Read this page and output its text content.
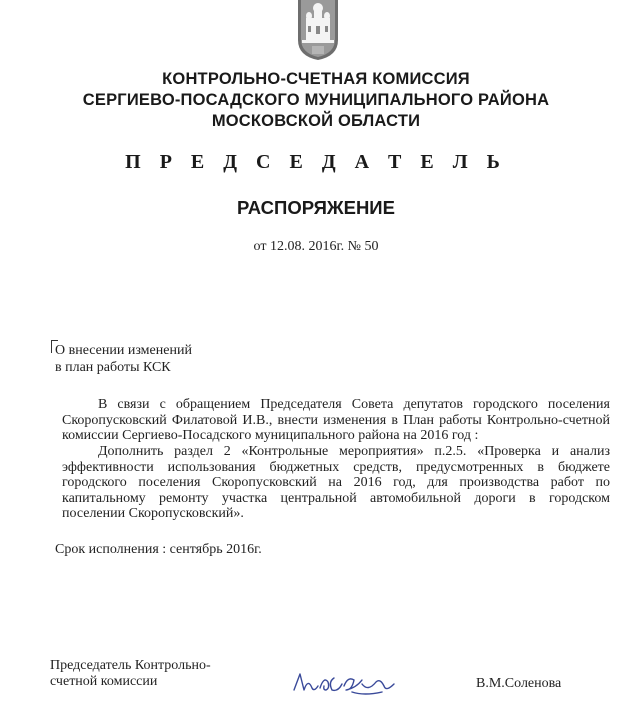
КОНТРОЛЬНО-СЧЕТНАЯ КОМИССИЯ
СЕРГИЕВО-ПОСАДСКОГО МУНИЦИПАЛЬНОГО РАЙОНА
МОСКОВСКОЙ ОБЛАСТИ
П Р Е Д С Е Д А Т Е Л Ь
РАСПОРЯЖЕНИЕ
от 12.08. 2016г. № 50
О внесении изменений
в план работы КСК
В связи с обращением Председателя Совета депутатов городского поселения
Скоропусковский Филатовой И.В., внести изменения в План работы Контрольно-счетной
комиссии Сергиево-Посадского муниципального района на 2016 год :
Дополнить раздел 2 «Контрольные мероприятия» п.2.5. «Проверка и анализ
эффективности использования бюджетных средств, предусмотренных в бюджете
городского поселения Скоропусковский на 2016 год, для производства работ по
капитальному ремонту участка центральной автомобильной дороги в городском
поселении Скоропусковский».
Срок исполнения : сентябрь 2016г.
Председатель Контрольно-
счетной комиссии	В.М.Соленова
